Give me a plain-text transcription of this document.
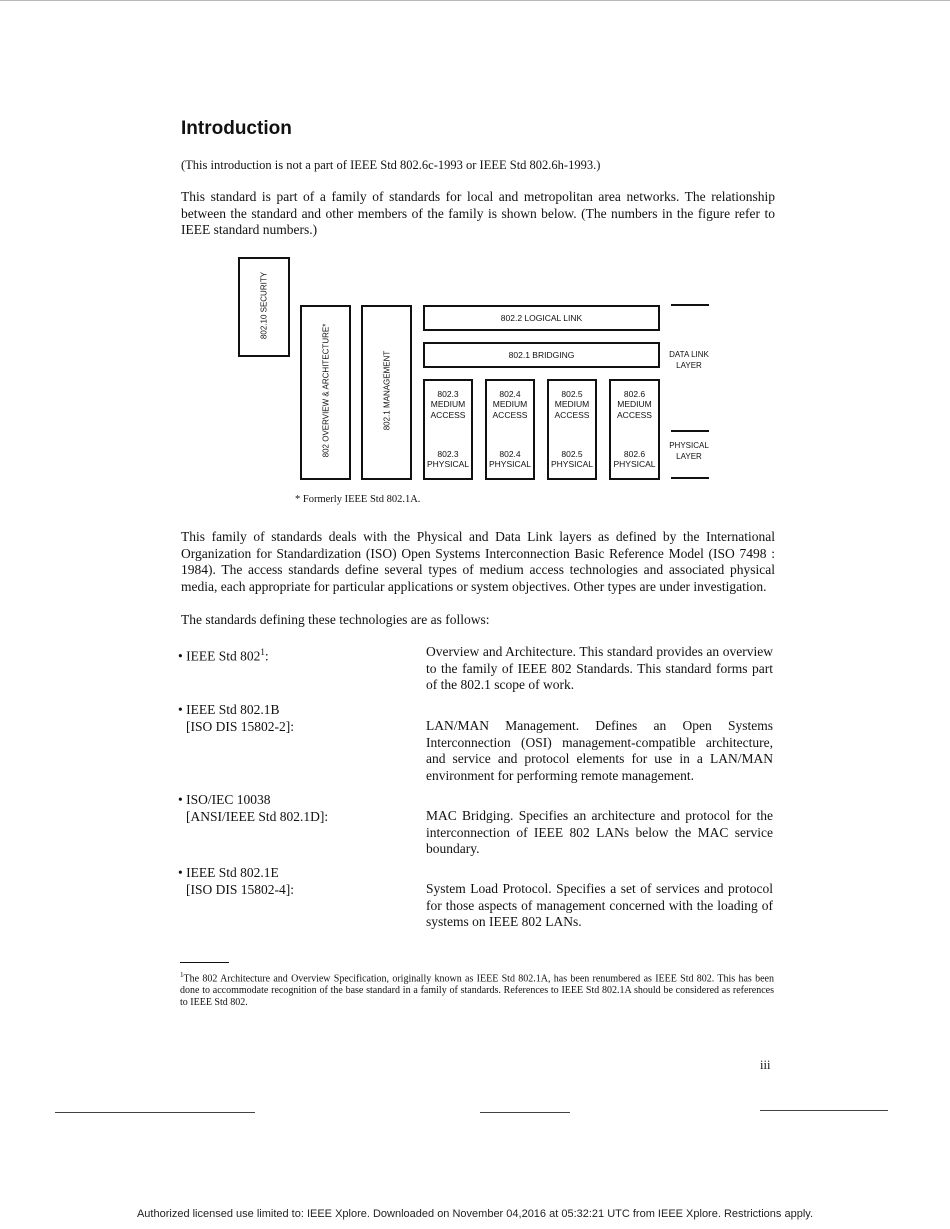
Introduction
(This introduction is not a part of IEEE Std 802.6c-1993 or IEEE Std 802.6h-1993.)
This standard is part of a family of standards for local and metropolitan area networks. The relationship between the standard and other members of the family is shown below. (The numbers in the figure refer to IEEE standard numbers.)
802.10 SECURITY
802 OVERVIEW & ARCHITECTURE*	802.1 MANAGEMENT
802.2 LOGICAL LINK
802.1 BRIDGING
802.3
MEDIUM ACCESS
802.3
PHYSICAL
802.4
MEDIUM ACCESS
802.4
PHYSICAL
802.5
MEDIUM ACCESS
802.5
PHYSICAL
802.6
MEDIUM ACCESS
802.6
PHYSICAL
DATA LINK LAYER
PHYSICAL LAYER
* Formerly IEEE Std 802.1A.
This family of standards deals with the Physical and Data Link layers as defined by the International Organization for Standardization (ISO) Open Systems Interconnection Basic Reference Model (ISO 7498 : 1984). The access standards define several types of medium access technologies and associated physical media, each appropriate for particular applications or system objectives. Other types are under investigation.
The standards defining these technologies are as follows:
• IEEE Std $802^1$:	Overview and Architecture. This standard provides an overview to the family of IEEE 802 Standards. This standard forms part of the 802.1 scope of work.
• IEEE Std 802.1B
[ISO DIS 15802-2]:	LAN/MAN Management. Defines an Open Systems Interconnection (OSI) management-compatible architecture, and service and protocol elements for use in a LAN/MAN environment for performing remote management.
• ISO/IEC 10038
[ANSI/IEEE Std 802.1D]:	MAC Bridging. Specifies an architecture and protocol for the interconnection of IEEE 802 LANs below the MAC service boundary.
• IEEE Std 802.1E
[ISO DIS 15802-4]:	System Load Protocol. Specifies a set of services and protocol for those aspects of management concerned with the loading of systems on IEEE 802 LANs.
$^1$The 802 Architecture and Overview Specification, originally known as IEEE Std 802.1A, has been renumbered as IEEE Std 802. This has been done to accommodate recognition of the base standard in a family of standards. References to IEEE Std 802.1A should be considered as references to IEEE Std 802.
iii
Authorized licensed use limited to: IEEE Xplore. Downloaded on November 04,2016 at 05:32:21 UTC from IEEE Xplore. Restrictions apply.
